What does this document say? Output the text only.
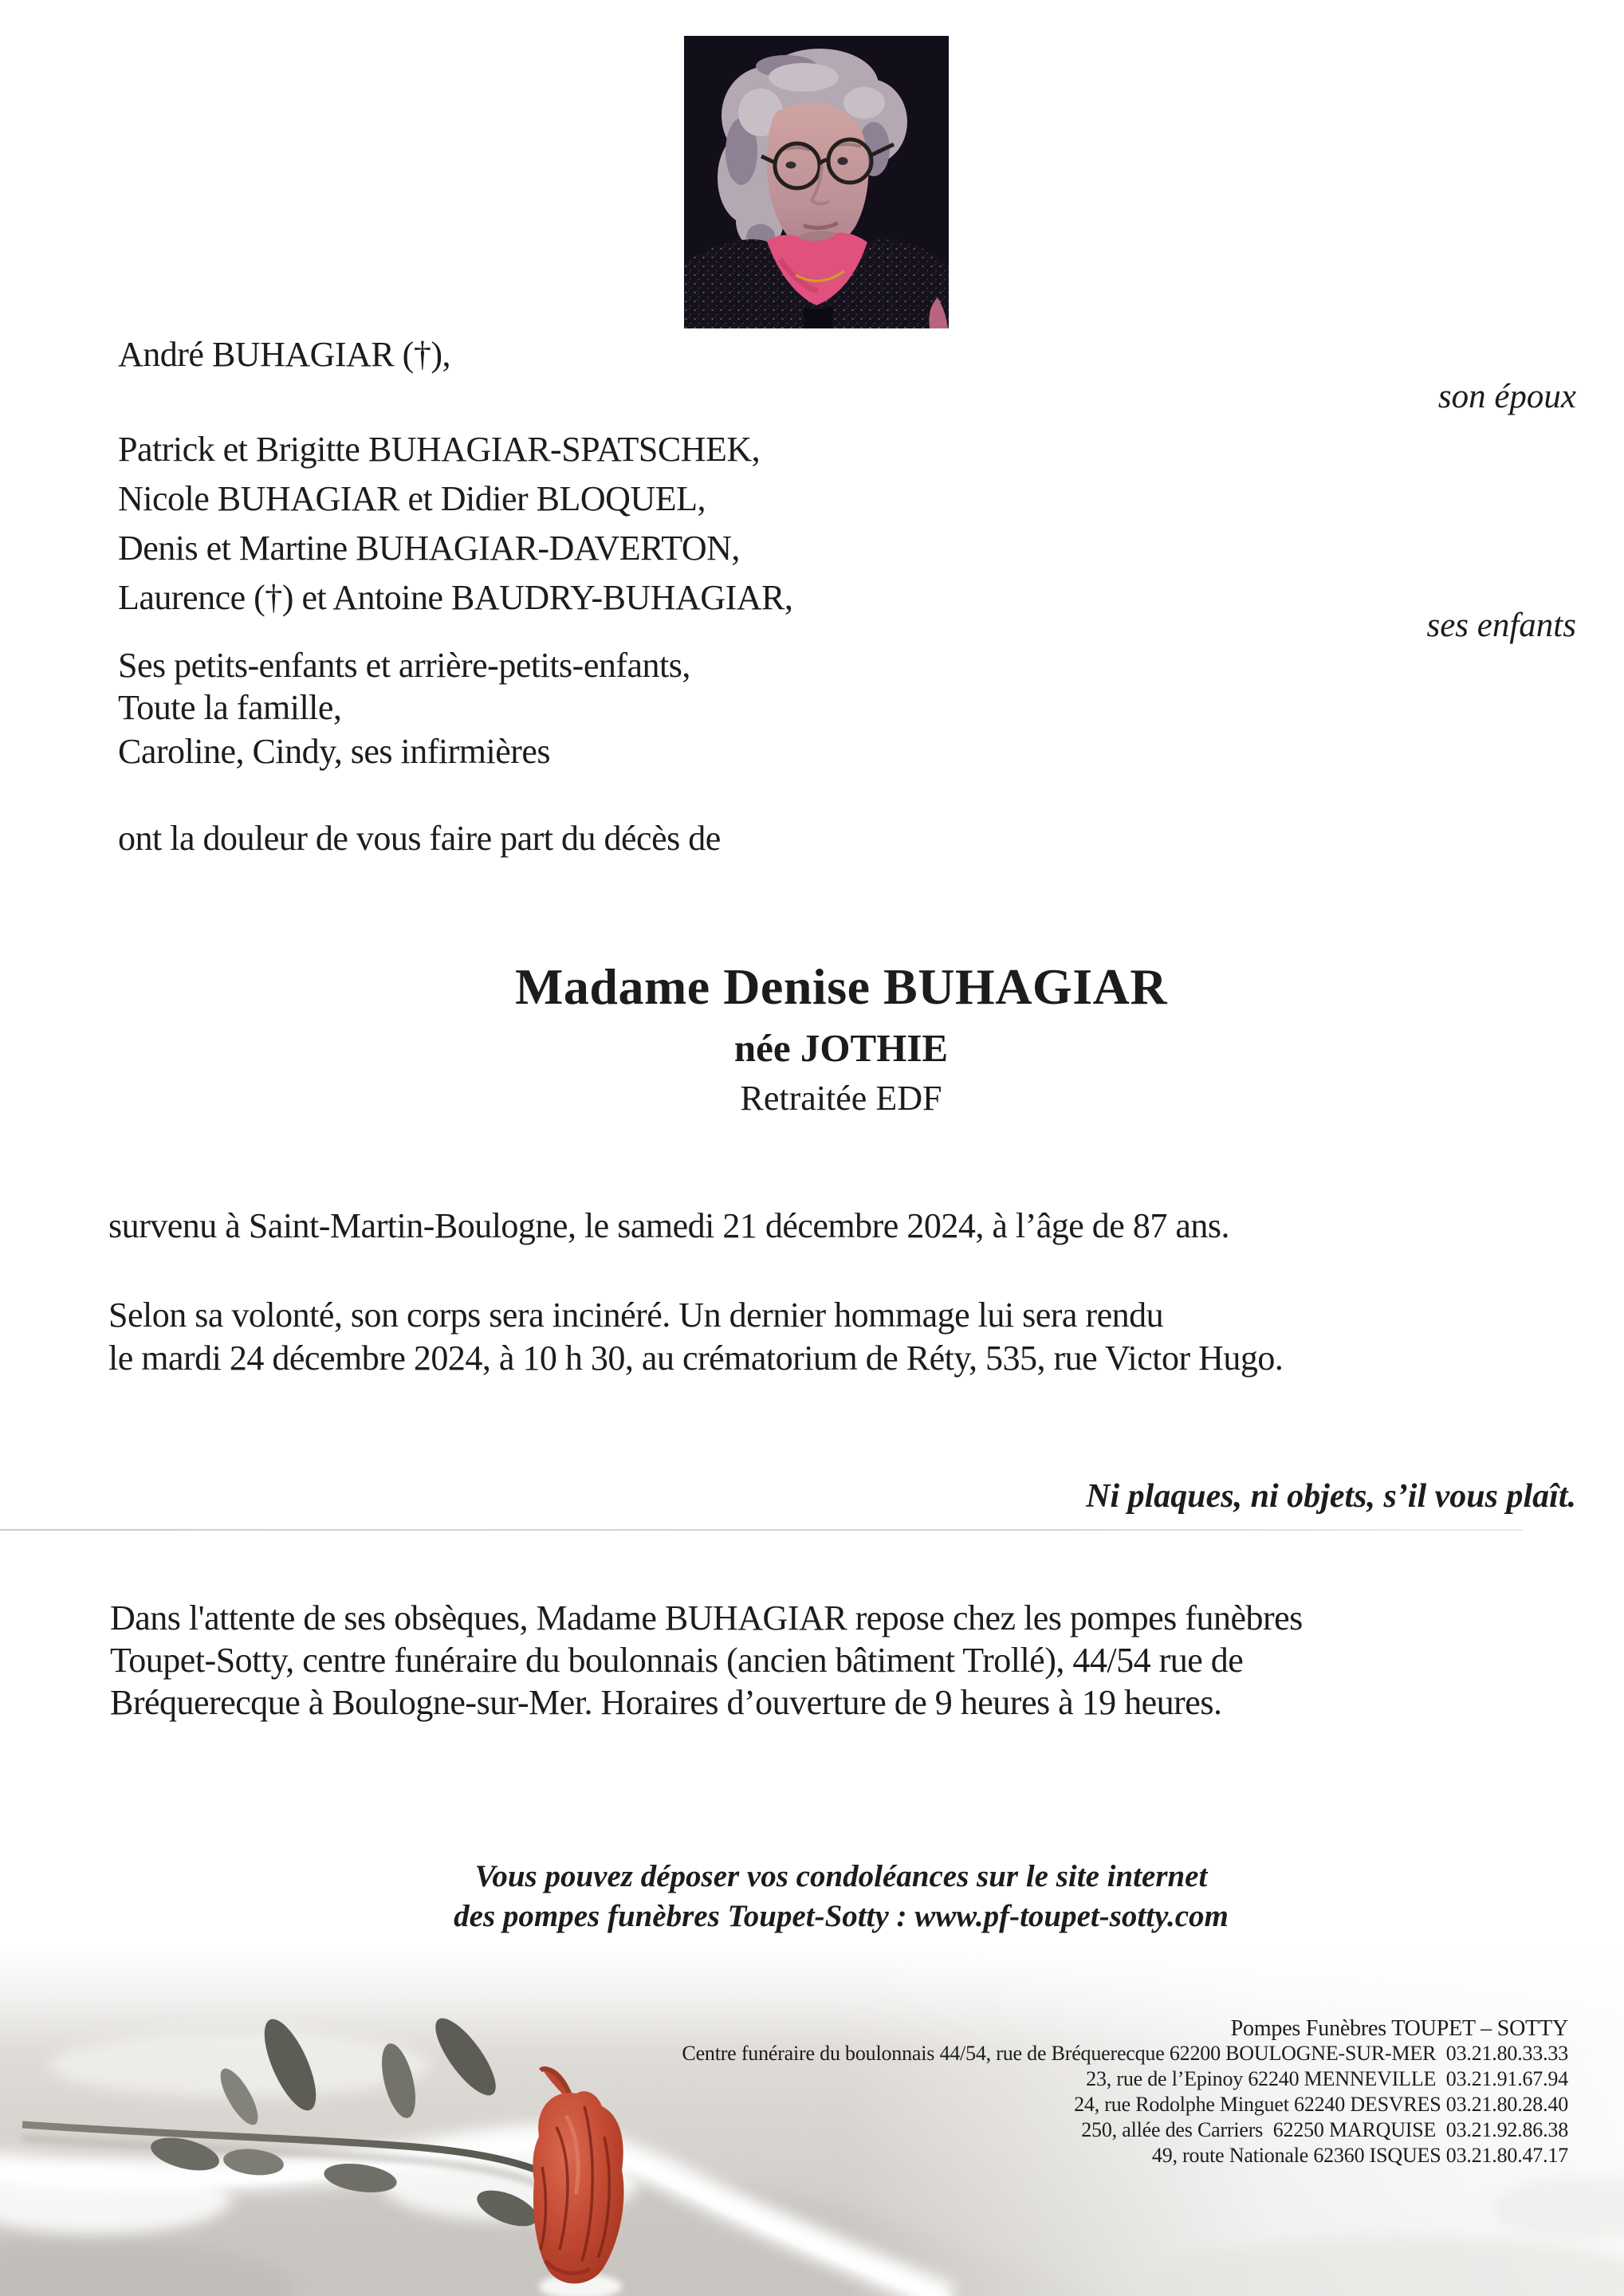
André BUHAGIAR (†),
son époux
Patrick et Brigitte BUHAGIAR-SPATSCHEK,
Nicole BUHAGIAR et Didier BLOQUEL,
Denis et Martine BUHAGIAR-DAVERTON,
Laurence (†) et Antoine BAUDRY-BUHAGIAR,
ses enfants
Ses petits-enfants et arrière-petits-enfants,
Toute la famille,
Caroline, Cindy, ses infirmières
ont la douleur de vous faire part du décès de
Madame Denise BUHAGIAR
née JOTHIE
Retraitée EDF
survenu à Saint-Martin-Boulogne, le samedi 21 décembre 2024, à l’âge de 87 ans.
Selon sa volonté, son corps sera incinéré. Un dernier hommage lui sera rendu
le mardi 24 décembre 2024, à 10 h 30, au crématorium de Réty, 535, rue Victor Hugo.
Ni plaques, ni objets, s’il vous plaît.
Dans l'attente de ses obsèques, Madame BUHAGIAR repose chez les pompes funèbres
Toupet-Sotty, centre funéraire du boulonnais (ancien bâtiment Trollé), 44/54 rue de
Bréquerecque à Boulogne-sur-Mer. Horaires d’ouverture de 9 heures à 19 heures.
Vous pouvez déposer vos condoléances sur le site internet
des pompes funèbres Toupet-Sotty : www.pf-toupet-sotty.com
Pompes Funèbres TOUPET – SOTTY
Centre funéraire du boulonnais 44/54, rue de Bréquerecque 62200 BOULOGNE-SUR-MER  03.21.80.33.33
23, rue de l’Epinoy 62240 MENNEVILLE  03.21.91.67.94
24, rue Rodolphe Minguet 62240 DESVRES 03.21.80.28.40
250, allée des Carriers  62250 MARQUISE  03.21.92.86.38
49, route Nationale 62360 ISQUES 03.21.80.47.17
